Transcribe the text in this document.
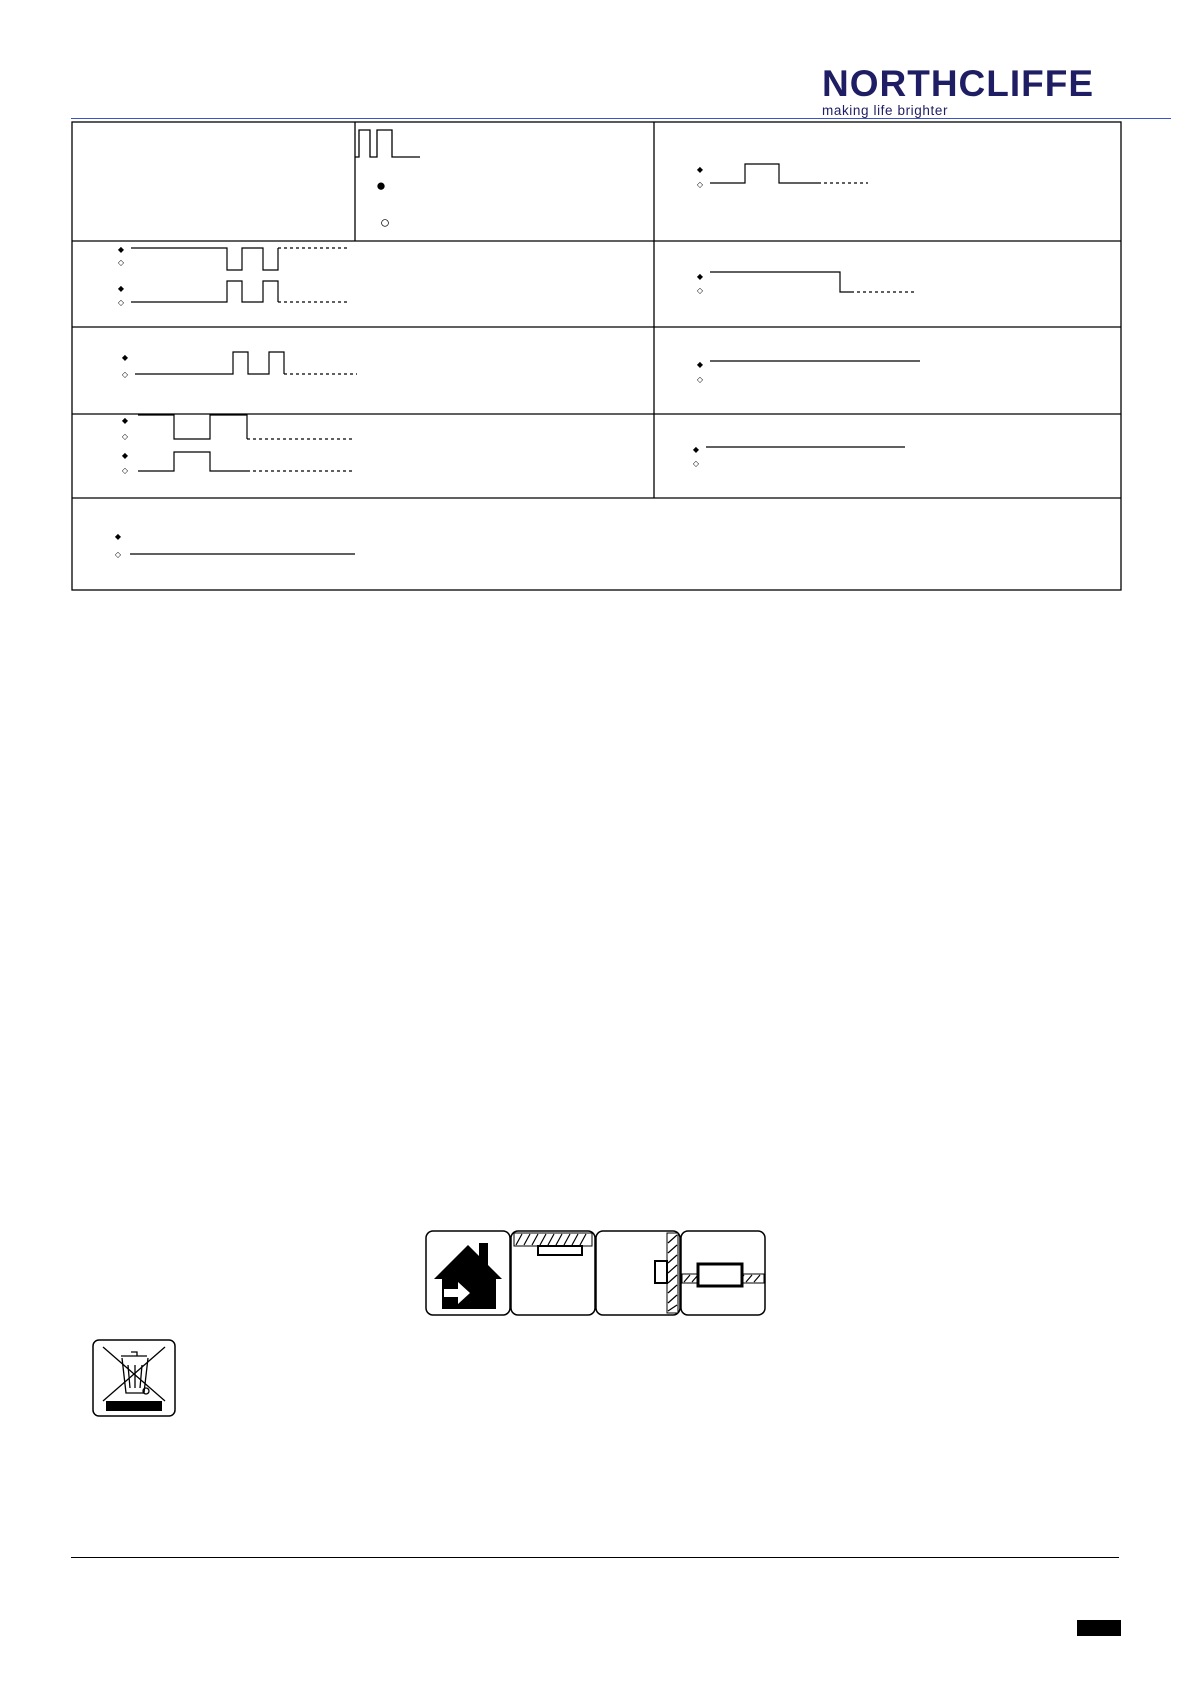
NORTHCLIFFE
making life brighter
●
○
◆
◇
◆
◇
◆
◇
◆
◇
◆
◇
◆
◇
◆
◇
◆
◇
◆
◇
◆
◇
